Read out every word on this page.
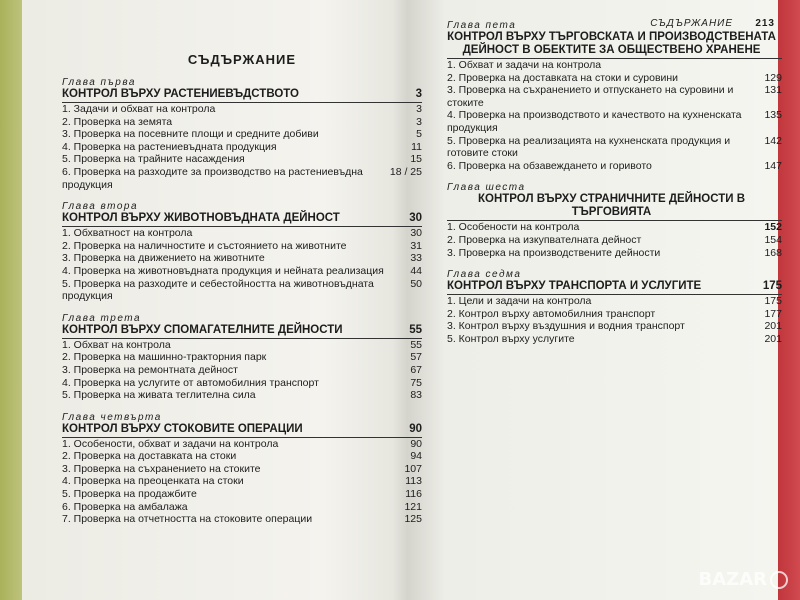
СЪДЪРЖАНИЕ
Глава първа
КОНТРОЛ ВЪРХУ РАСТЕНИЕВЪДСТВОТО	3
1. Задачи и обхват на контрола	3
2. Проверка на земята	3
3. Проверка на посевните площи и средните добиви	5
4. Проверка на растениевъдната продукция	11
5. Проверка на трайните насаждения	15
6. Проверка на разходите за производство на растениевъдна продукция
18 / 25
Глава втора
КОНТРОЛ ВЪРХУ ЖИВОТНОВЪДНАТА ДЕЙНОСТ	30
1. Обхватност на контрола	30
2. Проверка на наличностите и състоянието на животните	31
3. Проверка на движението на животните	33
4. Проверка на животновъдната продукция и нейната реализация	44
5. Проверка на разходите и себестойността на животновъдната продукция
50
Глава трета
КОНТРОЛ ВЪРХУ СПОМАГАТЕЛНИТЕ ДЕЙНОСТИ	55
1. Обхват на контрола	55
2. Проверка на машинно-тракторния парк	57
3. Проверка на ремонтната дейност	67
4. Проверка на услугите от автомобилния транспорт	75
5. Проверка на живата теглителна сила	83
Глава четвърта
КОНТРОЛ ВЪРХУ СТОКОВИТЕ ОПЕРАЦИИ	90
1. Особености, обхват и задачи на контрола	90
2. Проверка на доставката на стоки	94
3. Проверка на съхранението на стоките	107
4. Проверка на преоценката на стоки	113
5. Проверка на продажбите	116
6. Проверка на амбалажа	121
7. Проверка на отчетността на стоковите операции	125
СЪДЪРЖАНИЕ 213
Глава пета
КОНТРОЛ ВЪРХУ ТЪРГОВСКАТА И ПРОИЗВОДСТВЕНАТА ДЕЙНОСТ В ОБЕКТИТЕ ЗА ОБЩЕСТВЕНО ХРАНЕНЕ
1. Обхват и задачи на контрола
2. Проверка на доставката на стоки и суровини	129
3. Проверка на съхранението и отпускането на суровини и стоките
131
4. Проверка на производството и качеството на кухненската продукция
135
5. Проверка на реализацията на кухненската продукция и готовите стоки
142
6. Проверка на обзавеждането и горивото	147
Глава шеста
КОНТРОЛ ВЪРХУ СТРАНИЧНИТЕ ДЕЙНОСТИ В ТЪРГОВИЯТА
1. Особености на контрола	152
2. Проверка на изкупвателната дейност	154
3. Проверка на производствените дейности	168
Глава седма
КОНТРОЛ ВЪРХУ ТРАНСПОРТА И УСЛУГИТЕ	175
1. Цели и задачи на контрола	175
2. Контрол върху автомобилния транспорт	177
3. Контрол върху въздушния и водния транспорт	201
5. Контрол върху услугите	201
BAZAR
